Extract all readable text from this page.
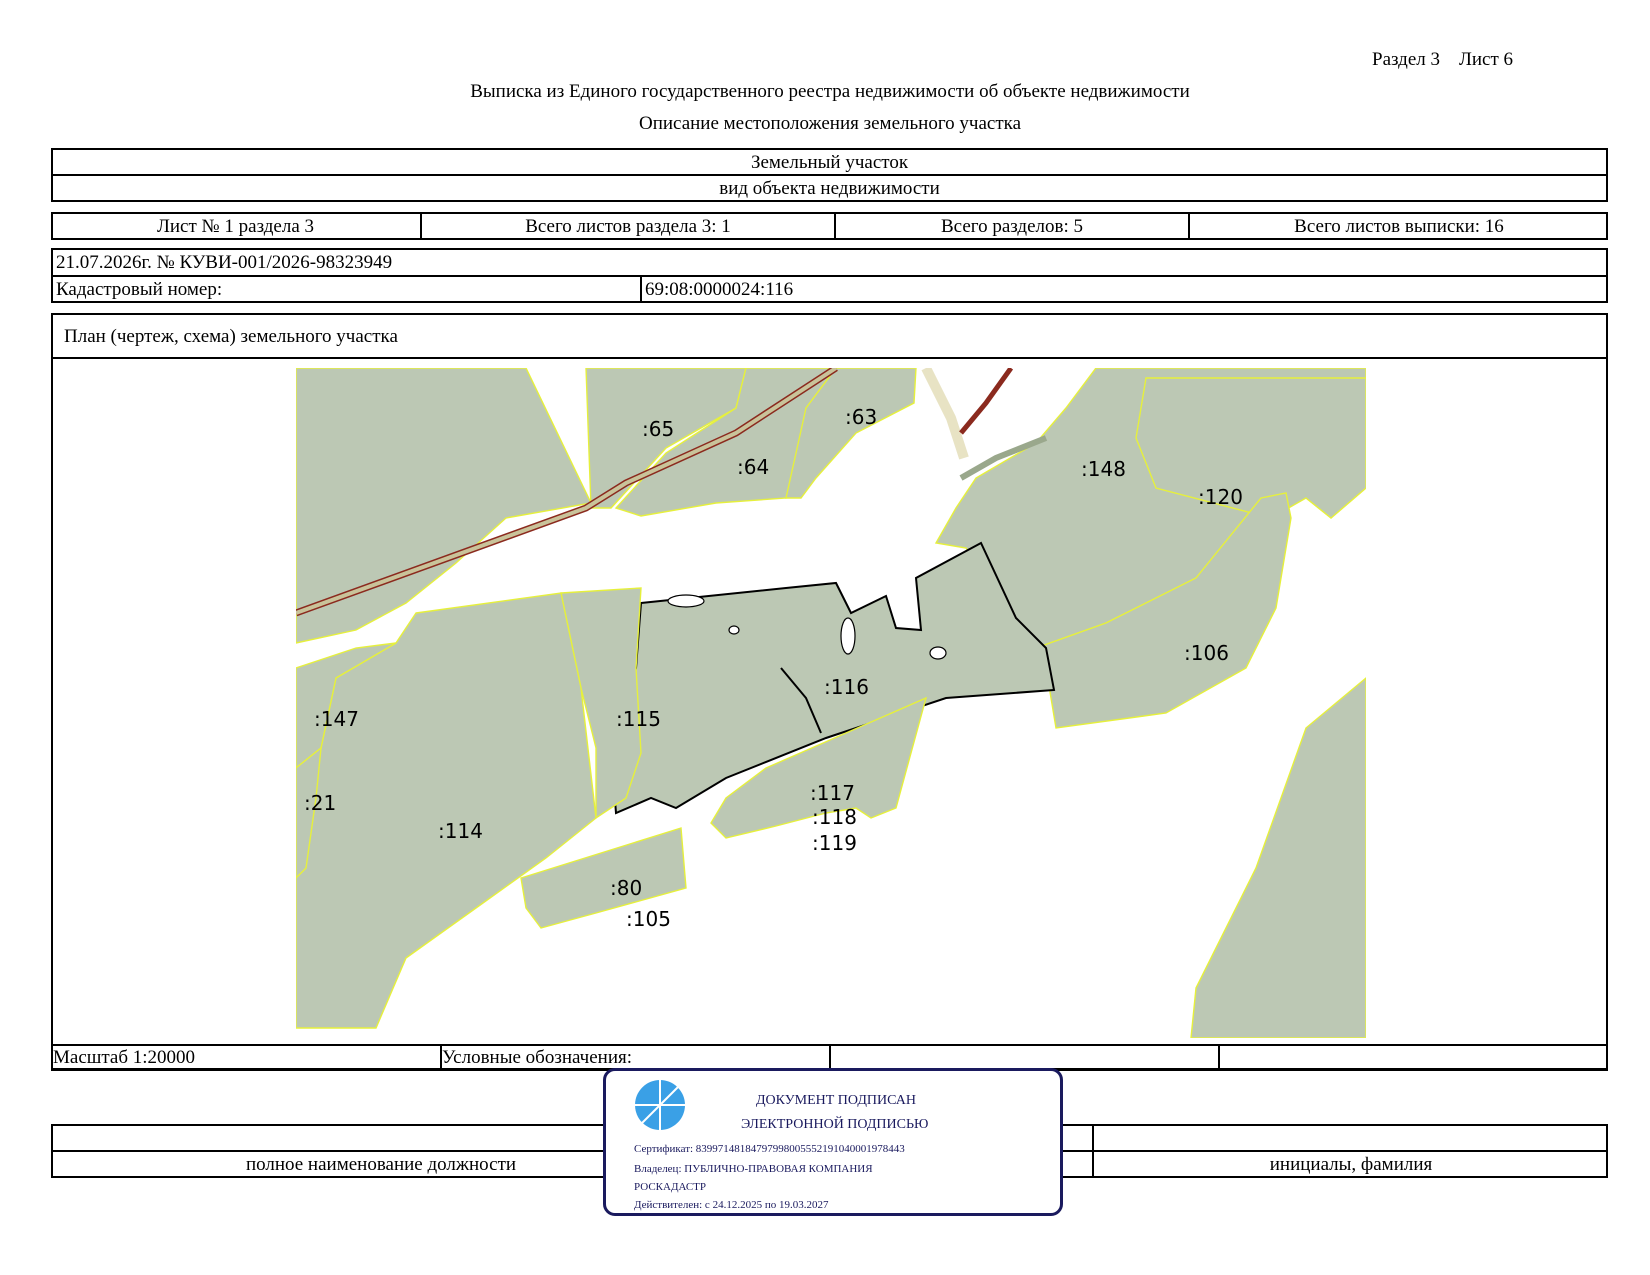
Раздел 3    Лист 6
Выписка из Единого государственного реестра недвижимости об объекте недвижимости
Описание местоположения земельного участка
Земельный участок
вид объекта недвижимости
Лист № 1 раздела 3	Всего листов раздела 3: 1	Всего разделов: 5	Всего листов выписки: 16
21.07.2026г. № КУВИ-001/2026-98323949
Кадастровый номер:	69:08:0000024:116
План (чертеж, схема) земельного участка
:65	:63
:64	:148
:120
:106
:116
:115
:147
:21
:114
:117
:118
:119
:80
:105
Масштаб 1:20000	Условные обозначения:
полное наименование должности	инициалы, фамилия
ДОКУМЕНТ ПОДПИСАН
ЭЛЕКТРОННОЙ ПОДПИСЬЮ
Сертификат: 839971481847979980055521910400019784​43
Владелец: ПУБЛИЧНО-ПРАВОВАЯ КОМПАНИЯ
РОСКАДАСТР
Действителен: с 24.12.2025 по 19.03.2027
